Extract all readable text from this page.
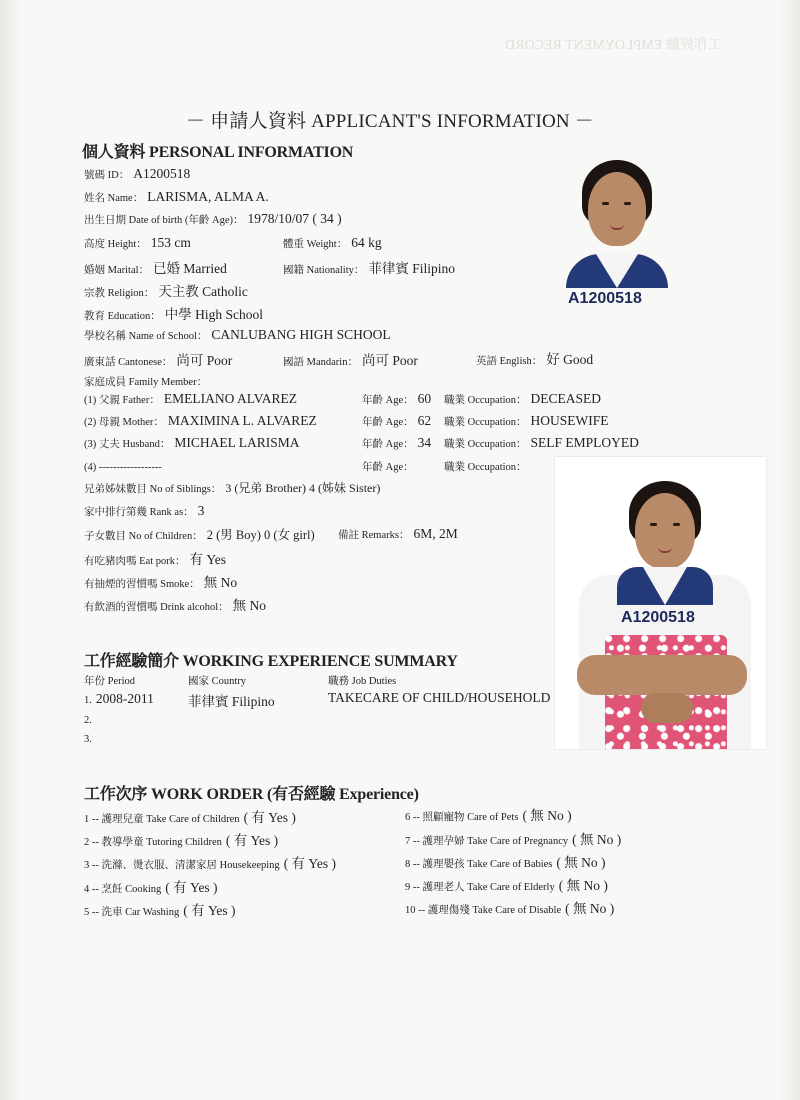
工作經驗 EMPLOYMENT RECORD
－ 申請人資料 APPLICANT'S INFORMATION －
個人資料 PERSONAL INFORMATION
號碼 ID： A1200518
姓名 Name： LARISMA, ALMA A.
出生日期 Date of birth (年齡 Age)： 1978/10/07 ( 34 )
高度 Height： 153 cm	體重 Weight： 64 kg
婚姻 Marital： 已婚 Married	國籍 Nationality： 菲律賓 Filipino
宗教 Religion： 天主教 Catholic
教育 Education： 中學 High School
學校名稱 Name of School： CANLUBANG HIGH SCHOOL
廣東話 Cantonese： 尚可 Poor	國語 Mandarin： 尚可 Poor	英語 English： 好 Good
家庭成員 Family Member：
(1) 父親 Father： EMELIANO ALVAREZ	年齡 Age： 60 職業 Occupation： DECEASED
(2) 母親 Mother： MAXIMINA L. ALVAREZ	年齡 Age： 62 職業 Occupation： HOUSEWIFE
(3) 丈夫 Husband： MICHAEL LARISMA	年齡 Age： 34 職業 Occupation： SELF EMPLOYED
(4) ------------------	年齡 Age：	職業 Occupation：
兄弟姊妹數目 No of Siblings： 3 (兄弟 Brother) 4 (姊妹 Sister)
家中排行第幾 Rank as： 3
子女數目 No of Children： 2 (男 Boy) 0 (女 girl) 備註 Remarks： 6M, 2M
有吃豬肉嗎 Eat pork： 有 Yes
有抽煙的習慣嗎 Smoke： 無 No
有飲酒的習慣嗎 Drink alcohol： 無 No
A1200518
A1200518
工作經驗簡介 WORKING EXPERIENCE SUMMARY
年份 Period	國家 Country	職務 Job Duties
1. 2008-2011	菲律賓 Filipino	TAKECARE OF CHILD/HOUSEHOLD
2.
3.
工作次序 WORK ORDER (有否經驗 Experience)
1 -- 護理兒童 Take Care of Children ( 有 Yes )
2 -- 教導學童 Tutoring Children ( 有 Yes )
3 -- 洗滌、燙衣服、清潔家居 Housekeeping ( 有 Yes )
4 -- 烹飪 Cooking ( 有 Yes )
5 -- 洗車 Car Washing ( 有 Yes )
6 -- 照顧寵物 Care of Pets ( 無 No )
7 -- 護理孕婦 Take Care of Pregnancy ( 無 No )
8 -- 護理嬰孩 Take Care of Babies ( 無 No )
9 -- 護理老人 Take Care of Elderly ( 無 No )
10 -- 護理傷殘 Take Care of Disable ( 無 No )
